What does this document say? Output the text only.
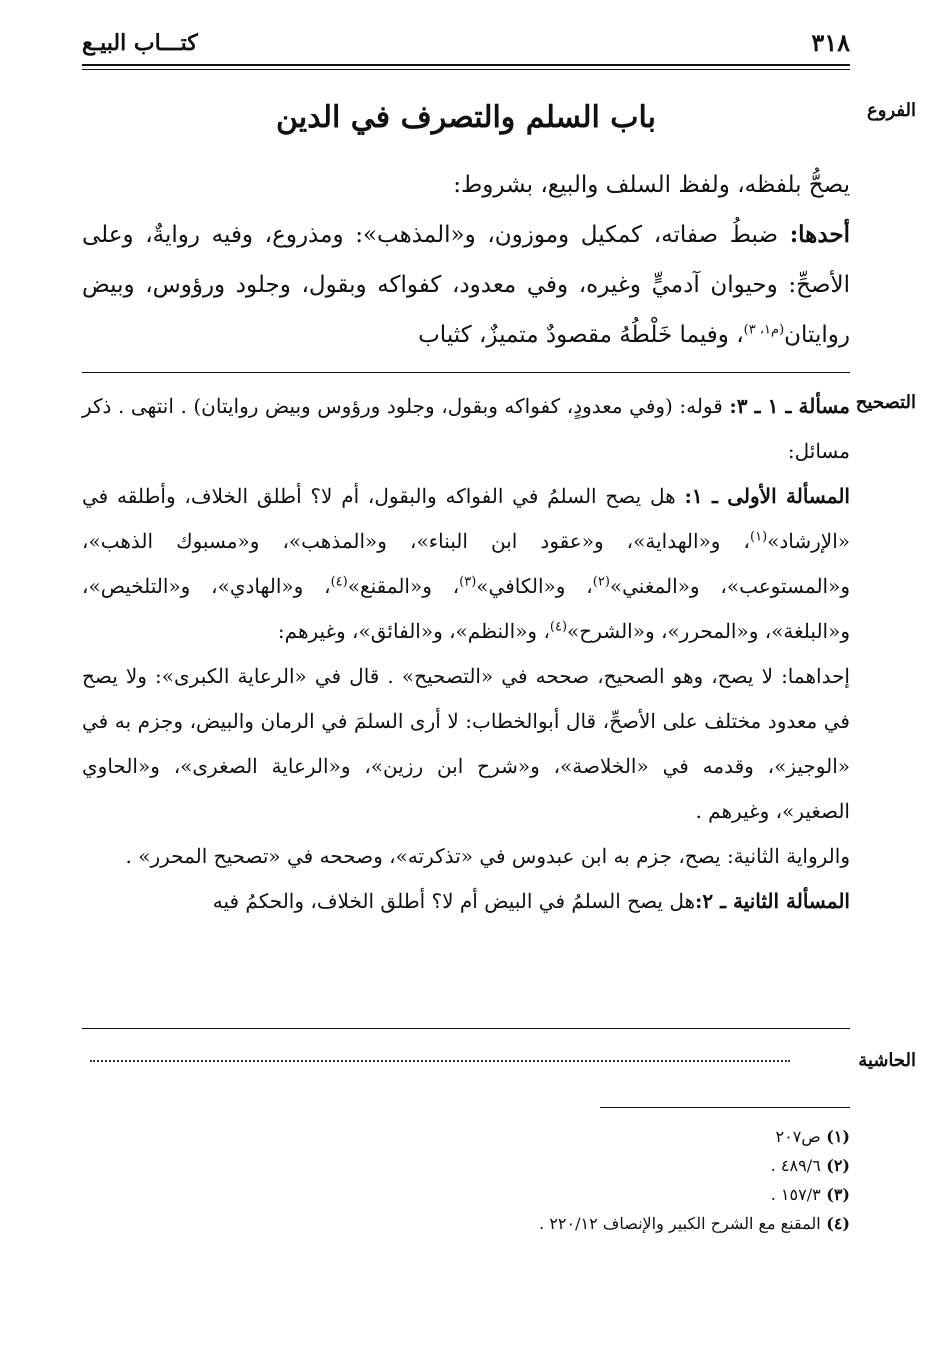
٣١٨
كتـــاب البيـع
الفروع
باب السلم والتصرف في الدين

يصحُّ بلفظه، ولفظ السلف والبيع، بشروط:

أحدها: ضبطُ صفاته، كمكيل وموزون، و«المذهب»: ومذروع، وفيه روايةٌ، وعلى الأصحِّ: وحيوان آدميٍّ وغيره، وفي معدود، كفواكه وبقول، وجلود ورؤوس، وبيض روايتان$^{(م١، ٣)}$، وفيما خَلْطُهُ مقصودٌ متميزٌ، كثياب

التصحيح

مسألة ـ ١ ـ ٣: قوله: (وفي معدودٍ، كفواكه وبقول، وجلود ورؤوس وبيض روايتان) . انتهى . ذكر مسائل:

المسألة الأولى ـ ١: هل يصح السلمُ في الفواكه والبقول، أم لا؟ أطلق الخلاف، وأطلقه في «الإرشاد»$^{(١)}$، و«الهداية»، و«عقود ابن البناء»، و«المذهب»، و«مسبوك الذهب»، و«المستوعب»، و«المغني»$^{(٢)}$، و«الكافي»$^{(٣)}$، و«المقنع»$^{(٤)}$، و«الهادي»، و«التلخيص»، و«البلغة»، و«المحرر»، و«الشرح»$^{(٤)}$، و«النظم»، و«الفائق»، وغيرهم:

إحداهما: لا يصح، وهو الصحيح، صححه في «التصحيح» . قال في «الرعاية الكبرى»: ولا يصح في معدود مختلف على الأصحِّ، قال أبوالخطاب: لا أرى السلمَ في الرمان والبيض، وجزم به في «الوجيز»، وقدمه في «الخلاصة»، و«شرح ابن رزين»، و«الرعاية الصغرى»، و«الحاوي الصغير»، وغيرهم .

والرواية الثانية: يصح، جزم به ابن عبدوس في «تذكرته»، وصححه في «تصحيح المحرر» .

المسألة الثانية ـ ٢:هل يصح السلمُ في البيض أم لا؟ أطلق الخلاف، والحكمُ فيه

الحاشية

(١) ص٢٠٧

(٢) ٤٨٩/٦ .

(٣) ١٥٧/٣ .

(٤) المقنع مع الشرح الكبير والإنصاف ٢٢٠/١٢ .
